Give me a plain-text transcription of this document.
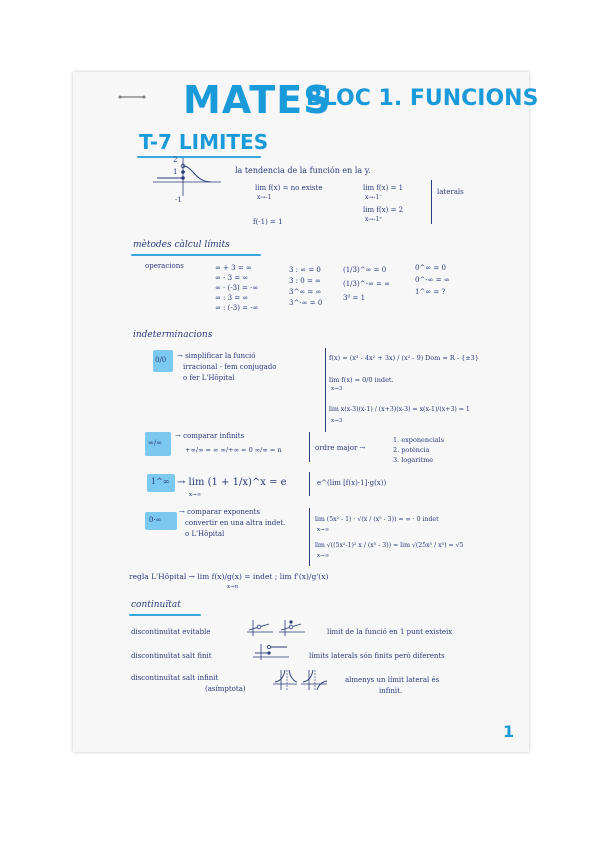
MATES
BLOC 1. FUNCIONS
T-7 LIMITES
2
1
-1
la tendencia de la función en la y.
lim f(x) = no existe
x→-1
lim f(x) = 1
x→-1⁻
lim f(x) = 2
x→-1⁺
laterals
f(-1) = 1
mètodes càlcul límits
operacions	∞ + 3 = ∞
∞ - 3 = ∞
∞ · (-3) = -∞
∞ : 3 = ∞
∞ : (-3) = -∞
3 : ∞ = 0
3 : 0 = ∞
3^∞ = ∞
3^-∞ = 0
(1/3)^∞ = 0
(1/3)^-∞ = ∞
3⁰ = 1
0^∞ = 0
0^-∞ = ∞
1^∞ = ?
indeterminacions
0/0 → simplificar la funció
irracional - fem conjugado
o fer L'Hôpital
f(x) = (x³ - 4x² + 3x) / (x² - 9) Dom = R - {±3}
lim f(x) = 0/0 indet.
x→3
lim x(x-3)(x-1) / (x+3)(x-3) = x(x-1)/(x+3) = 1
x→3
∞/∞
→ comparar infinits
+∞/∞ = ∞ ∞/+∞ = 0 ∞/∞ = n	ordre major →
1. exponencials
2. potència
3. logaritme
1^∞ → lim (1 + 1/x)^x = e
x→∞
e^(lim [f(x)-1]·g(x))
0·∞
→ comparar exponents
convertir en una altra indet.
o L'Hôpital
lim (5x² - 1) · √(x / (x⁵ - 3)) = ∞ · 0 indet
x→∞
lim √((5x²-1)² x / (x⁵ - 3)) = lim √(25x⁵ / x⁵) = √5
x→∞
regla L'Hôpital → lim f(x)/g(x) = indet ; lim f'(x)/g'(x)
x→n
continuïtat
discontinuïtat evitable	límit de la funció en 1 punt existeix
discontinuïtat salt finit	límits laterals són finits però diferents
discontinuïtat salt infinit
(asímptota)
almenys un límit lateral és
infinit.
1
